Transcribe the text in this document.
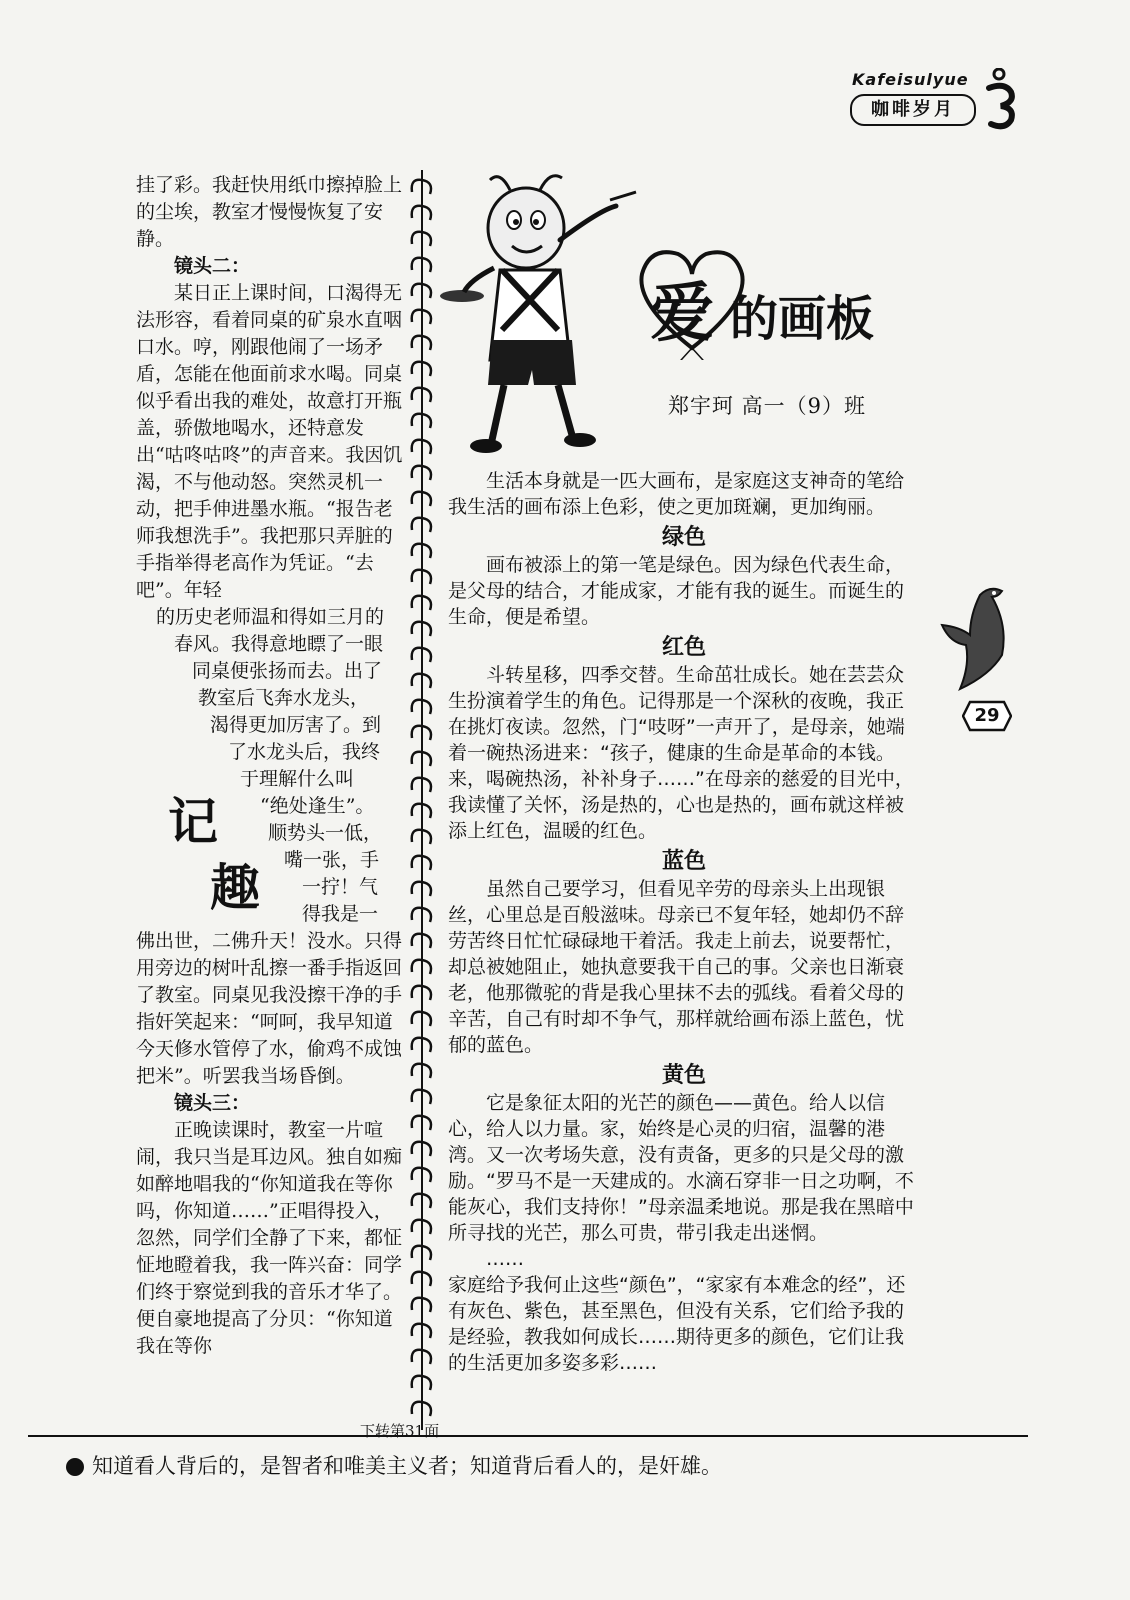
Kafeisulyue
咖啡岁月

挂了彩。我赶快用纸巾擦掉脸上的尘埃，教室才慢慢恢复了安静。

镜头二：

某日正上课时间，口渴得无法形容，看着同桌的矿泉水直咽口水。哼，刚跟他闹了一场矛盾，怎能在他面前求水喝。同桌似乎看出我的难处，故意打开瓶盖，骄傲地喝水，还特意发出“咕咚咕咚”的声音来。我因饥渴，不与他动怒。突然灵机一动，把手伸进墨水瓶。“报告老师我想洗手”。我把那只弄脏的手指举得老高作为凭证。“去吧”。年轻

的历史老师温和得如三月的

春风。我得意地瞟了一眼

同桌便张扬而去。出了

教室后飞奔水龙头，

渴得更加厉害了。到

了水龙头后，我终

于理解什么叫

“绝处逢生”。

顺势头一低，

嘴一张，手

一拧！气

得我是一

佛出世，二佛升天！没水。只得用旁边的树叶乱擦一番手指返回了教室。同桌见我没擦干净的手指奸笑起来：“呵呵，我早知道今天修水管停了水，偷鸡不成蚀把米”。听罢我当场昏倒。

镜头三：

正晚读课时，教室一片喧闹，我只当是耳边风。独自如痴如醉地唱我的“你知道我在等你吗，你知道……”正唱得投入，忽然，同学们全静了下来，都怔怔地瞪着我，我一阵兴奋：同学们终于察觉到我的音乐才华了。便自豪地提高了分贝：“你知道我在等你

记
趣
下转第31面
爱 的画板
郑宇珂 高一（9）班

生活本身就是一匹大画布，是家庭这支神奇的笔给我生活的画布添上色彩，使之更加斑斓，更加绚丽。

绿色

画布被添上的第一笔是绿色。因为绿色代表生命，是父母的结合，才能成家，才能有我的诞生。而诞生的生命，便是希望。

红色

斗转星移，四季交替。生命茁壮成长。她在芸芸众生扮演着学生的角色。记得那是一个深秋的夜晚，我正在挑灯夜读。忽然，门“吱呀”一声开了，是母亲，她端着一碗热汤进来：“孩子，健康的生命是革命的本钱。来，喝碗热汤，补补身子……”在母亲的慈爱的目光中，我读懂了关怀，汤是热的，心也是热的，画布就这样被添上红色，温暖的红色。

蓝色

虽然自己要学习，但看见辛劳的母亲头上出现银丝，心里总是百般滋味。母亲已不复年轻，她却仍不辞劳苦终日忙忙碌碌地干着活。我走上前去，说要帮忙，却总被她阻止，她执意要我干自己的事。父亲也日渐衰老，他那微驼的背是我心里抹不去的弧线。看着父母的辛苦，自己有时却不争气，那样就给画布添上蓝色，忧郁的蓝色。

黄色

它是象征太阳的光芒的颜色——黄色。给人以信心，给人以力量。家，始终是心灵的归宿，温馨的港湾。又一次考场失意，没有责备，更多的只是父母的激励。“罗马不是一天建成的。水滴石穿非一日之功啊，不能灰心，我们支持你！”母亲温柔地说。那是我在黑暗中所寻找的光芒，那么可贵，带引我走出迷惘。

……

家庭给予我何止这些“颜色”，“家家有本难念的经”，还有灰色、紫色，甚至黑色，但没有关系，它们给予我的是经验，教我如何成长……期待更多的颜色，它们让我的生活更加多姿多彩……

29
知道看人背后的，是智者和唯美主义者；知道背后看人的，是奸雄。
